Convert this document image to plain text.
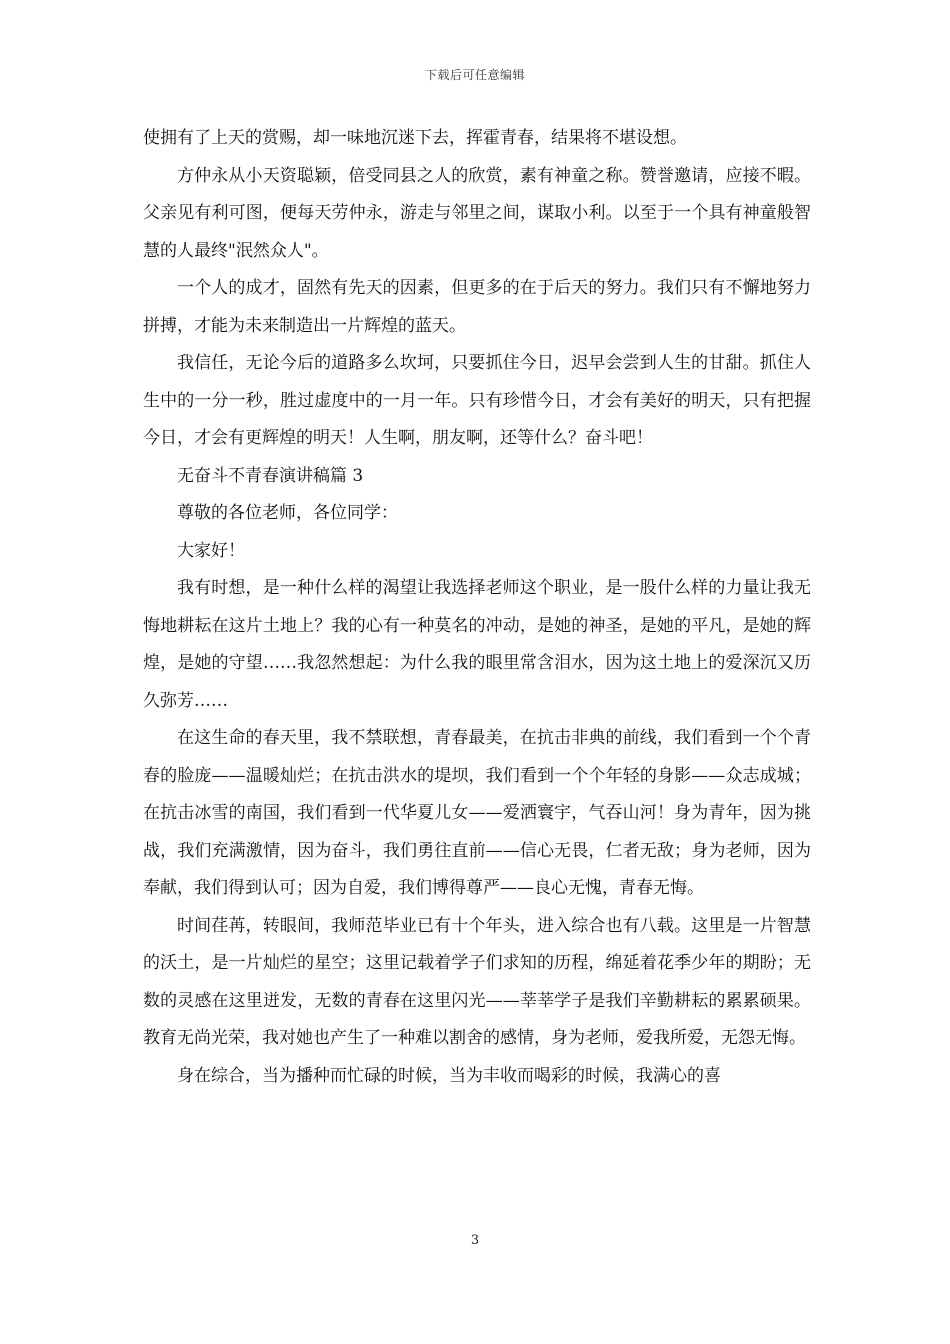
下载后可任意编辑

使拥有了上天的赏赐，却一味地沉迷下去，挥霍青春，结果将不堪设想。

方仲永从小天资聪颖，倍受同县之人的欣赏，素有神童之称。赞誉邀请，应接不暇。父亲见有利可图，便每天劳仲永，游走与邻里之间，谋取小利。以至于一个具有神童般智慧的人最终"泯然众人"。

一个人的成才，固然有先天的因素，但更多的在于后天的努力。我们只有不懈地努力拼搏，才能为未来制造出一片辉煌的蓝天。

我信任，无论今后的道路多么坎坷，只要抓住今日，迟早会尝到人生的甘甜。抓住人生中的一分一秒，胜过虚度中的一月一年。只有珍惜今日，才会有美好的明天，只有把握今日，才会有更辉煌的明天！人生啊，朋友啊，还等什么？奋斗吧！

无奋斗不青春演讲稿篇 3

尊敬的各位老师，各位同学：

大家好！

我有时想，是一种什么样的渴望让我选择老师这个职业，是一股什么样的力量让我无悔地耕耘在这片土地上？我的心有一种莫名的冲动，是她的神圣，是她的平凡，是她的辉煌，是她的守望……我忽然想起：为什么我的眼里常含泪水，因为这土地上的爱深沉又历久弥芳……

在这生命的春天里，我不禁联想，青春最美，在抗击非典的前线，我们看到一个个青春的脸庞——温暖灿烂；在抗击洪水的堤坝，我们看到一个个年轻的身影——众志成城；在抗击冰雪的南国，我们看到一代华夏儿女——爱洒寰宇，气吞山河！身为青年，因为挑战，我们充满激情，因为奋斗，我们勇往直前——信心无畏，仁者无敌；身为老师，因为奉献，我们得到认可；因为自爱，我们博得尊严——良心无愧，青春无悔。

时间荏苒，转眼间，我师范毕业已有十个年头，进入综合也有八载。这里是一片智慧的沃土，是一片灿烂的星空；这里记载着学子们求知的历程，绵延着花季少年的期盼；无数的灵感在这里迸发，无数的青春在这里闪光——莘莘学子是我们辛勤耕耘的累累硕果。教育无尚光荣，我对她也产生了一种难以割舍的感情，身为老师，爱我所爱，无怨无悔。

身在综合，当为播种而忙碌的时候，当为丰收而喝彩的时候，我满心的喜

3
